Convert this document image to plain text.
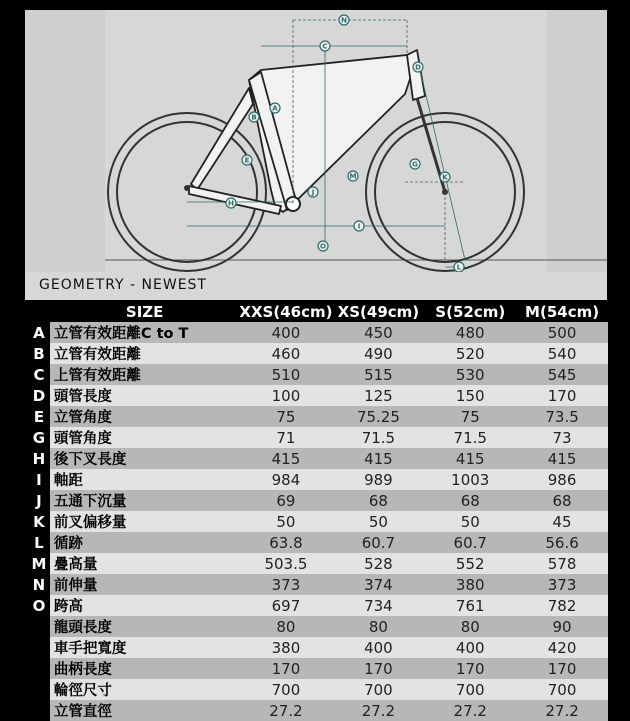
N
C
D
A
B
E	G
K
M
J
H
I
O
L
GEOMETRY - NEWEST
	SIZE	XXS(46cm)	XS(49cm)	S(52cm)	M(54cm)
A	立管有效距離C to T	400	450	480	500
B	立管有效距離	460	490	520	540
C	上管有效距離	510	515	530	545
D	頭管長度	100	125	150	170
E	立管角度	75	75.25	75	73.5
G	頭管角度	71	71.5	71.5	73
H	後下叉長度	415	415	415	415
I	軸距	984	989	1003	986
J	五通下沉量	69	68	68	68
K	前叉偏移量	50	50	50	45
L	循跡	63.8	60.7	60.7	56.6
M	疊高量	503.5	528	552	578
N	前伸量	373	374	380	373
O	跨高	697	734	761	782
	龍頭長度	80	80	80	90
	車手把寬度	380	400	400	420
	曲柄長度	170	170	170	170
	輪徑尺寸	700	700	700	700
	立管直徑	27.2	27.2	27.2	27.2
